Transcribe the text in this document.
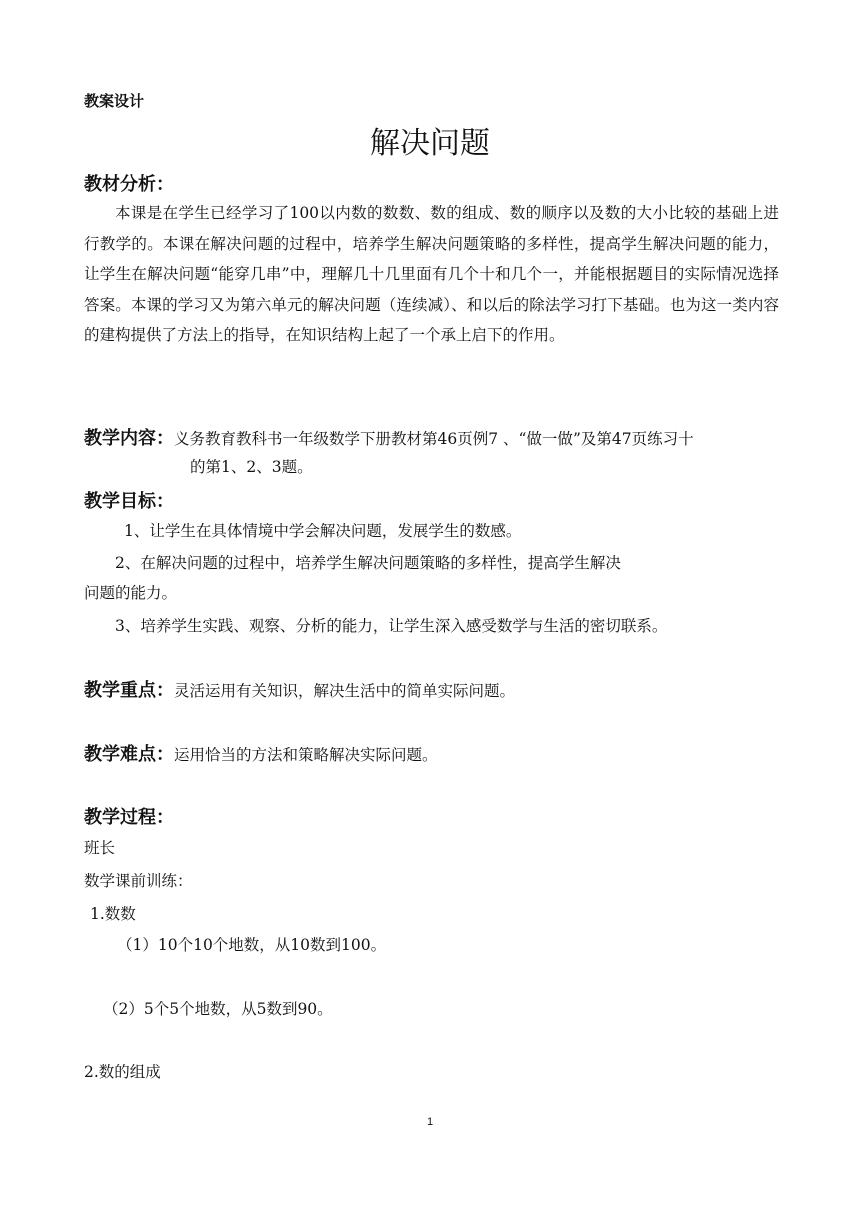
教案设计
解决问题
教材分析：
本课是在学生已经学习了100以内数的数数、数的组成、数的顺序以及数的大小比较的基础上进行教学的。本课在解决问题的过程中，培养学生解决问题策略的多样性，提高学生解决问题的能力，让学生在解决问题“能穿几串”中，理解几十几里面有几个十和几个一，并能根据题目的实际情况选择答案。本课的学习又为第六单元的解决问题（连续减）、和以后的除法学习打下基础。也为这一类内容的建构提供了方法上的指导，在知识结构上起了一个承上启下的作用。
教学内容：义务教育教科书一年级数学下册教材第46页例7 、“做一做”及第47页练习十
的第1、2、3题。
教学目标：
1、让学生在具体情境中学会解决问题，发展学生的数感。
2、在解决问题的过程中，培养学生解决问题策略的多样性，提高学生解决
问题的能力。
3、培养学生实践、观察、分析的能力，让学生深入感受数学与生活的密切联系。
教学重点：灵活运用有关知识，解决生活中的简单实际问题。
教学难点：运用恰当的方法和策略解决实际问题。
教学过程：
班长
数学课前训练：
1.数数
（1）10个10个地数，从10数到100。
（2）5个5个地数，从5数到90。
2.数的组成
1
